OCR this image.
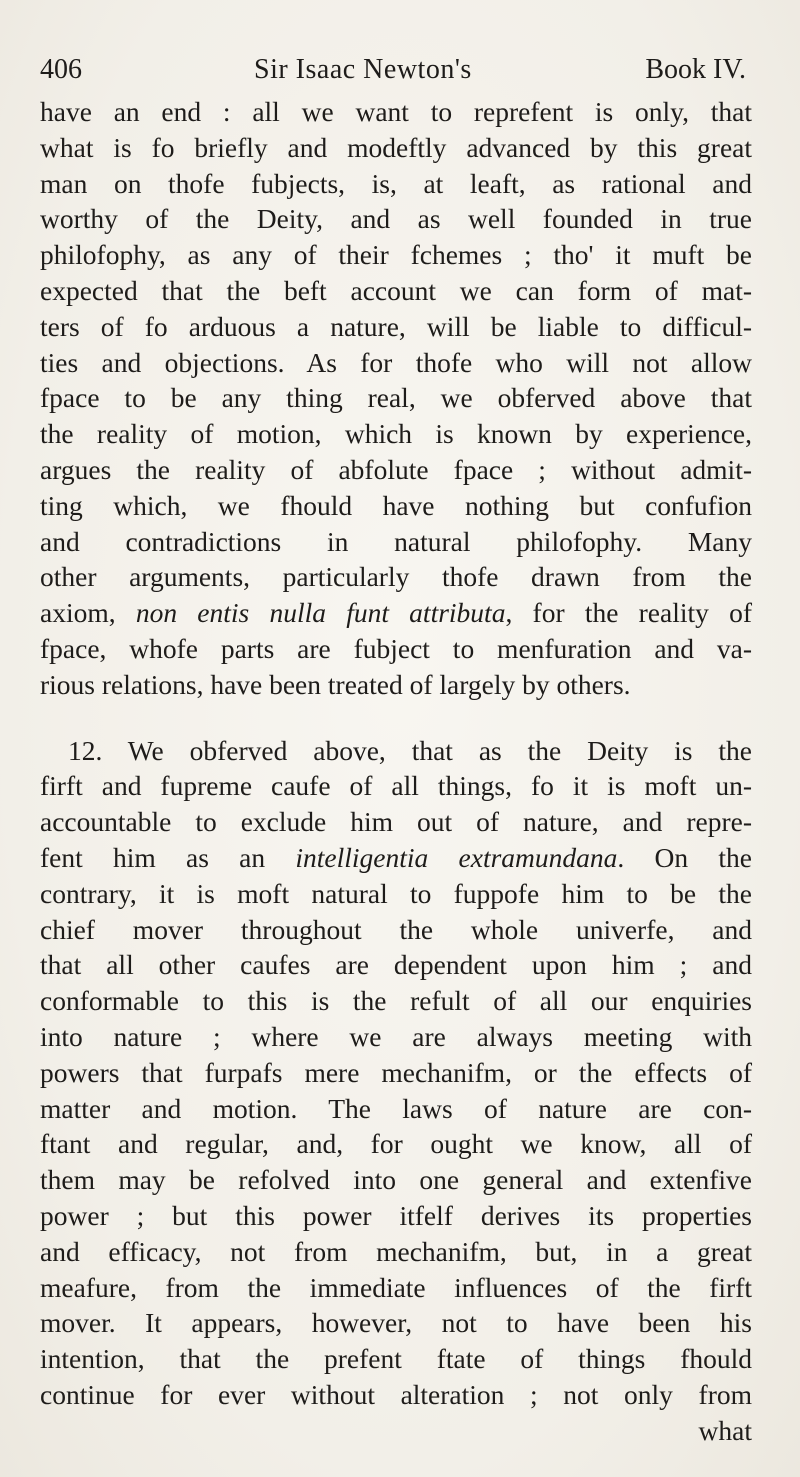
406	Sir Isaac Newton's	Book IV.
have an end : all we want to reprefent is only, that
what is fo briefly and modeftly advanced by this great
man on thofe fubjects, is, at leaft, as rational and
worthy of the Deity, and as well founded in true
philofophy, as any of their fchemes ; tho' it muft be
expected that the beft account we can form of mat-
ters of fo arduous a nature, will be liable to difficul-
ties and objections. As for thofe who will not allow
fpace to be any thing real, we obferved above that
the reality of motion, which is known by experience,
argues the reality of abfolute fpace ; without admit-
ting which, we fhould have nothing but confufion
and contradictions in natural philofophy. Many
other arguments, particularly thofe drawn from the
axiom, non entis nulla funt attributa, for the reality of
fpace, whofe parts are fubject to menfuration and va-
rious relations, have been treated of largely by others.
12. We obferved above, that as the Deity is the
firft and fupreme caufe of all things, fo it is moft un-
accountable to exclude him out of nature, and repre-
fent him as an intelligentia extramundana. On the
contrary, it is moft natural to fuppofe him to be the
chief mover throughout the whole univerfe, and
that all other caufes are dependent upon him ; and
conformable to this is the refult of all our enquiries
into nature ; where we are always meeting with
powers that furpafs mere mechanifm, or the effects of
matter and motion. The laws of nature are con-
ftant and regular, and, for ought we know, all of
them may be refolved into one general and extenfive
power ; but this power itfelf derives its properties
and efficacy, not from mechanifm, but, in a great
meafure, from the immediate influences of the firft
mover. It appears, however, not to have been his
intention, that the prefent ftate of things fhould
continue for ever without alteration ; not only from
what
